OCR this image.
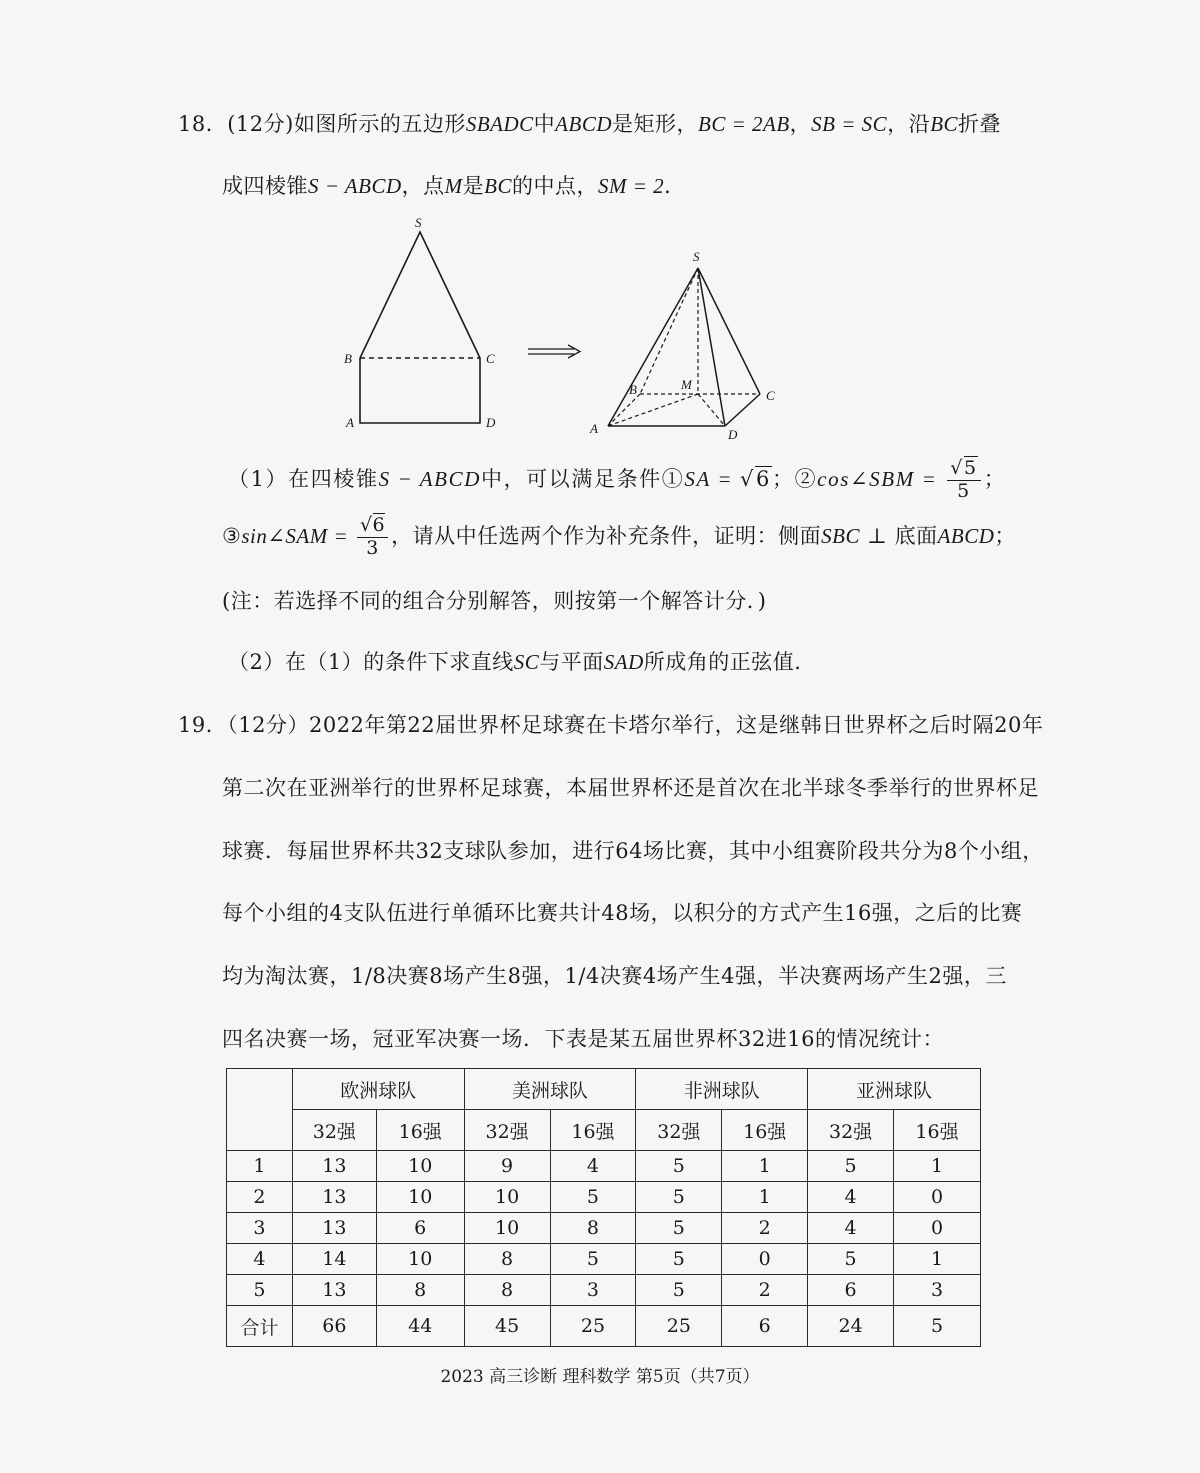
18．(12分)如图所示的五边形SBADC中ABCD是矩形，BC = 2AB，SB = SC，沿BC折叠
成四棱锥S − ABCD，点M是BC的中点，SM = 2．
S
B	C
A	D
S
B	M
C
A	D
（1）在四棱锥S − ABCD中，可以满足条件①SA = √6；②cos∠SBM = $\frac{√5}{5}$ ；
③sin∠SAM = $\frac{√6}{3}$ ，请从中任选两个作为补充条件，证明：侧面SBC ⊥ 底面ABCD；
(注：若选择不同的组合分别解答，则按第一个解答计分．)
（2）在（1）的条件下求直线SC与平面SAD所成角的正弦值.
19．（12分）2022年第22届世界杯足球赛在卡塔尔举行，这是继韩日世界杯之后时隔20年
第二次在亚洲举行的世界杯足球赛，本届世界杯还是首次在北半球冬季举行的世界杯足
球赛．每届世界杯共32支球队参加，进行64场比赛，其中小组赛阶段共分为8个小组，
每个小组的4支队伍进行单循环比赛共计48场，以积分的方式产生16强，之后的比赛
均为淘汰赛，1/8决赛8场产生8强，1/4决赛4场产生4强，半决赛两场产生2强，三
四名决赛一场，冠亚军决赛一场．下表是某五届世界杯32进16的情况统计：
	欧洲球队		美洲球队		非洲球队		亚洲球队	
	32强	16强	32强	16强	32强	16强	32强	16强
1	13	10	9	4	5	1	5	1
2	13	10	10	5	5	1	4	0
3	13	6	10	8	5	2	4	0
4	14	10	8	5	5	0	5	1
5	13	8	8	3	5	2	6	3
合计	66	44	45	25	25	6	24	5
2023 高三诊断 理科数学 第5页（共7页）
